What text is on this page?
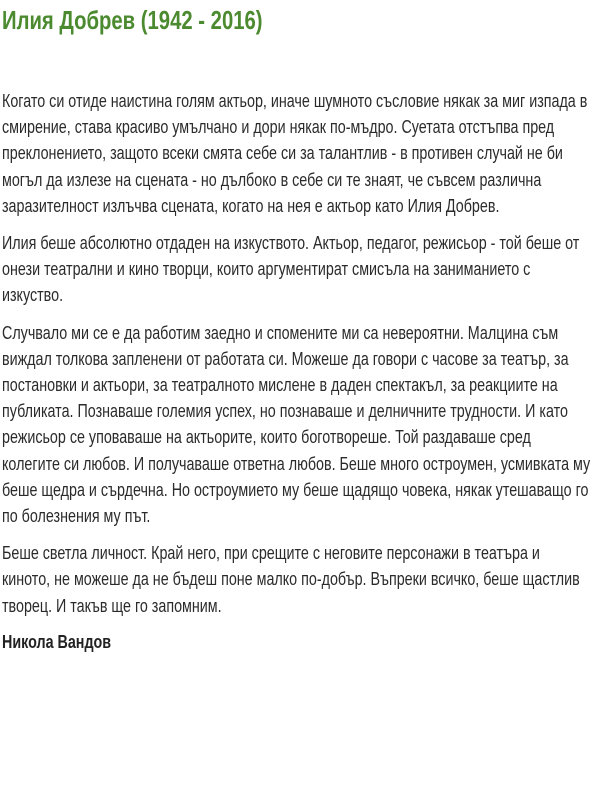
Илия Добрев (1942 - 2016)

Когато си отиде наистина голям актьор, иначе шумното съсловие някак за миг изпада в смирение, става красиво умълчано и дори някак по-мъдро. Суетата отстъпва пред преклонението, защото всеки смята себе си за талантлив - в противен случай не би могъл да излезе на сцената - но дълбоко в себе си те знаят, че съвсем различна заразителност излъчва сцената, когато на нея е актьор като Илия Добрев.

Илия беше абсолютно отдаден на изкуството. Актьор, педагог, режисьор - той беше от онези театрални и кино творци, които аргументират смисъла на заниманието с изкуство.

Случвало ми се е да работим заедно и спомените ми са невероятни. Малцина съм виждал толкова запленени от работата си. Можеше да говори с часове за театър, за постановки и актьори, за театралното мислене в даден спектакъл, за реакциите на публиката. Познаваше големия успех, но познаваше и делничните трудности. И като режисьор се уповаваше на актьорите, които боготвореше. Той раздаваше сред колегите си любов. И получаваше ответна любов. Беше много остроумен, усмивката му беше щедра и сърдечна. Но остроумието му беше щадящо човека, някак утешаващо го по болезнения му път.

Беше светла личност. Край него, при срещите с неговите персонажи в театъра и киното, не можеше да не бъдеш поне малко по-добър. Въпреки всичко, беше щастлив творец. И такъв ще го запомним.

Никола Вандов
